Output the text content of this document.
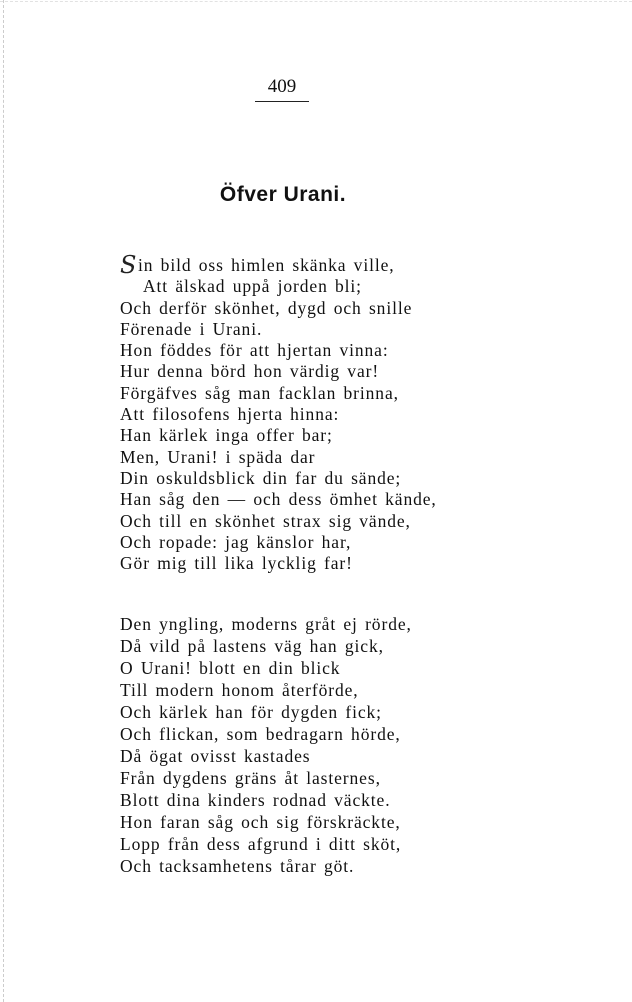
409
Öfver Urani.
Sin bild oss himlen skänka ville,
Att älskad uppå jorden bli;
Och derför skönhet, dygd och snille
Förenade i Urani.
Hon föddes för att hjertan vinna:
Hur denna börd hon värdig var!
Förgäfves såg man facklan brinna,
Att filosofens hjerta hinna:
Han kärlek inga offer bar;
Men, Urani! i späda dar
Din oskuldsblick din far du sände;
Han såg den — och dess ömhet kände,
Och till en skönhet strax sig vände,
Och ropade: jag känslor har,
Gör mig till lika lycklig far!
Den yngling, moderns gråt ej rörde,
Då vild på lastens väg han gick,
O Urani! blott en din blick
Till modern honom återförde,
Och kärlek han för dygden fick;
Och flickan, som bedragarn hörde,
Då ögat ovisst kastades
Från dygdens gräns åt lasternes,
Blott dina kinders rodnad väckte.
Hon faran såg och sig förskräckte,
Lopp från dess afgrund i ditt sköt,
Och tacksamhetens tårar göt.
